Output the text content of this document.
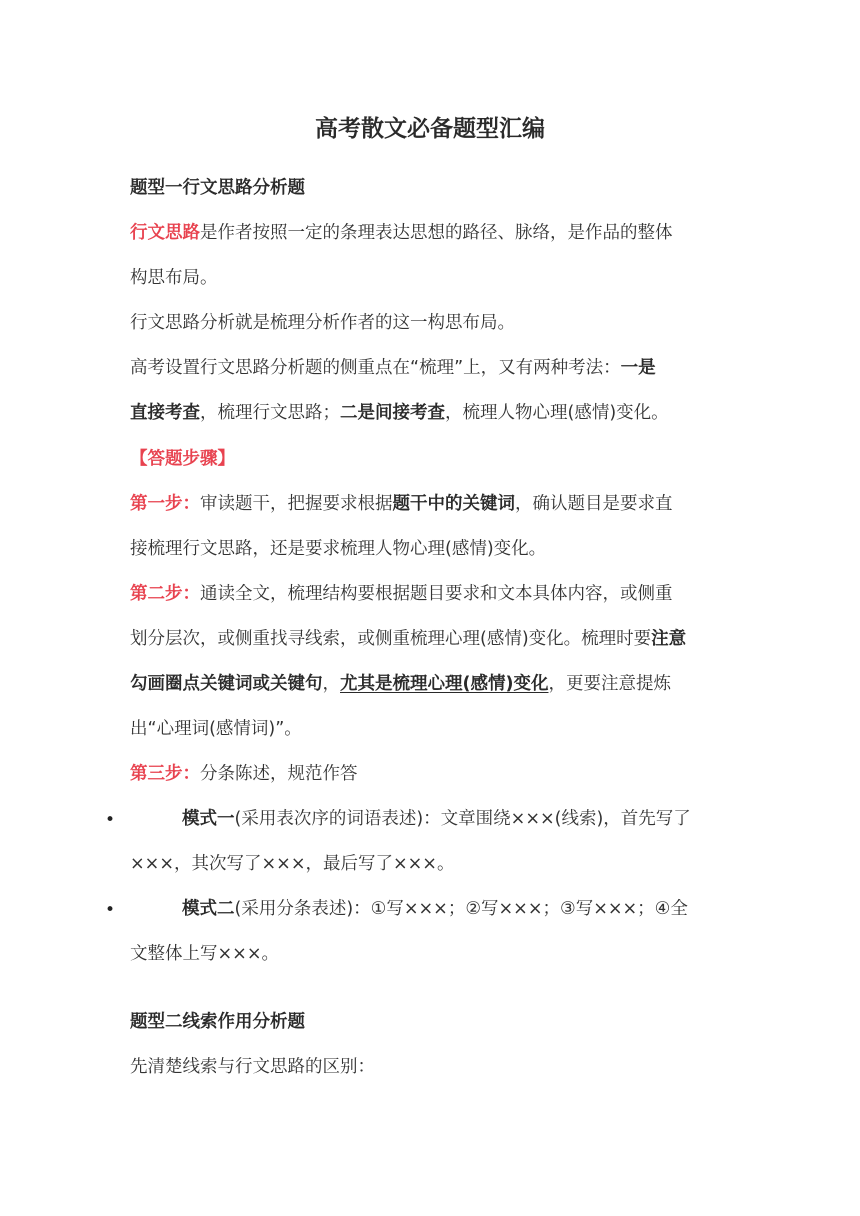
高考散文必备题型汇编
题型一行文思路分析题
行文思路是作者按照一定的条理表达思想的路径、脉络，是作品的整体
构思布局。
行文思路分析就是梳理分析作者的这一构思布局。
高考设置行文思路分析题的侧重点在“梳理”上，又有两种考法：一是
直接考查，梳理行文思路；二是间接考查，梳理人物心理(感情)变化。
【答题步骤】
第一步：审读题干，把握要求根据题干中的关键词，确认题目是要求直
接梳理行文思路，还是要求梳理人物心理(感情)变化。
第二步：通读全文，梳理结构要根据题目要求和文本具体内容，或侧重
划分层次，或侧重找寻线索，或侧重梳理心理(感情)变化。梳理时要注意
勾画圈点关键词或关键句，尤其是梳理心理(感情)变化，更要注意提炼
出“心理词(感情词)”。
第三步：分条陈述，规范作答
•	模式一(采用表次序的词语表述)：文章围绕×××(线索)，首先写了
×××，其次写了×××，最后写了×××。
•	模式二(采用分条表述)：①写×××；②写×××；③写×××；④全
文整体上写×××。
题型二线索作用分析题
先清楚线索与行文思路的区别：
